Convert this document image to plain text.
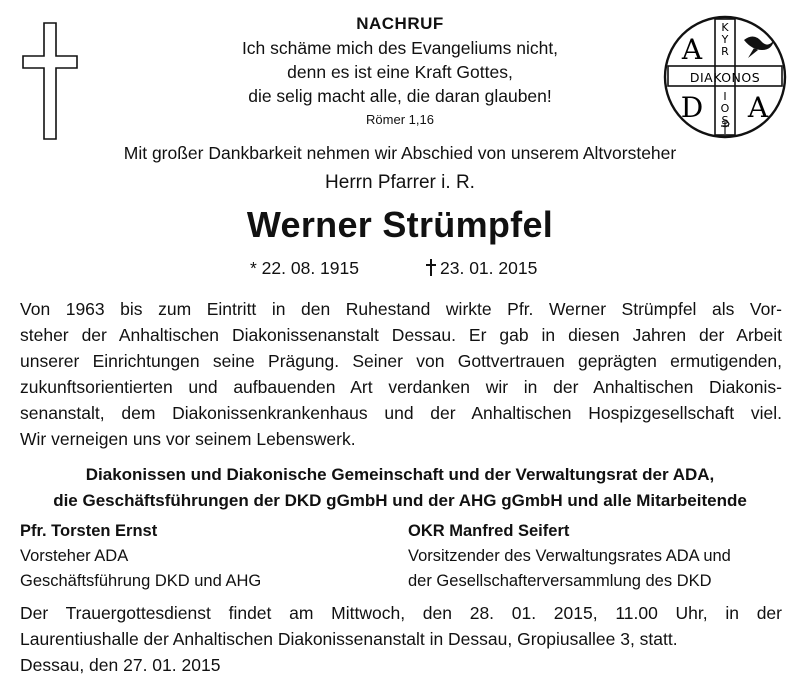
A
DIAKONOS
D A
K
Y
R
I
O
S
NACHRUF
Ich schäme mich des Evangeliums nicht,
denn es ist eine Kraft Gottes,
die selig macht alle, die daran glauben!
Römer 1,16
Mit großer Dankbarkeit nehmen wir Abschied von unserem Altvorsteher
Herrn Pfarrer i. R.
Werner Strümpfel
* 22. 08. 1915	23. 01. 2015
Von 1963 bis zum Eintritt in den Ruhestand wirkte Pfr. Werner Strümpfel als Vor-
steher der Anhaltischen Diakonissenanstalt Dessau. Er gab in diesen Jahren der Arbeit
unserer Einrichtungen seine Prägung. Seiner von Gottvertrauen geprägten ermutigenden,
zukunftsorientierten und aufbauenden Art verdanken wir in der Anhaltischen Diakonis-
senanstalt, dem Diakonissenkrankenhaus und der Anhaltischen Hospizgesellschaft viel.
Wir verneigen uns vor seinem Lebenswerk.
Diakonissen und Diakonische Gemeinschaft und der Verwaltungsrat der ADA,
die Geschäftsführungen der DKD gGmbH und der AHG gGmbH und alle Mitarbeitende
Pfr. Torsten Ernst
Vorsteher ADA
Geschäftsführung DKD und AHG
OKR Manfred Seifert
Vorsitzender des Verwaltungsrates ADA und
der Gesellschafterversammlung des DKD
Der Trauergottesdienst findet am Mittwoch, den 28. 01. 2015, 11.00 Uhr, in der
Laurentiushalle der Anhaltischen Diakonissenanstalt in Dessau, Gropiusallee 3, statt.
Dessau, den 27. 01. 2015
